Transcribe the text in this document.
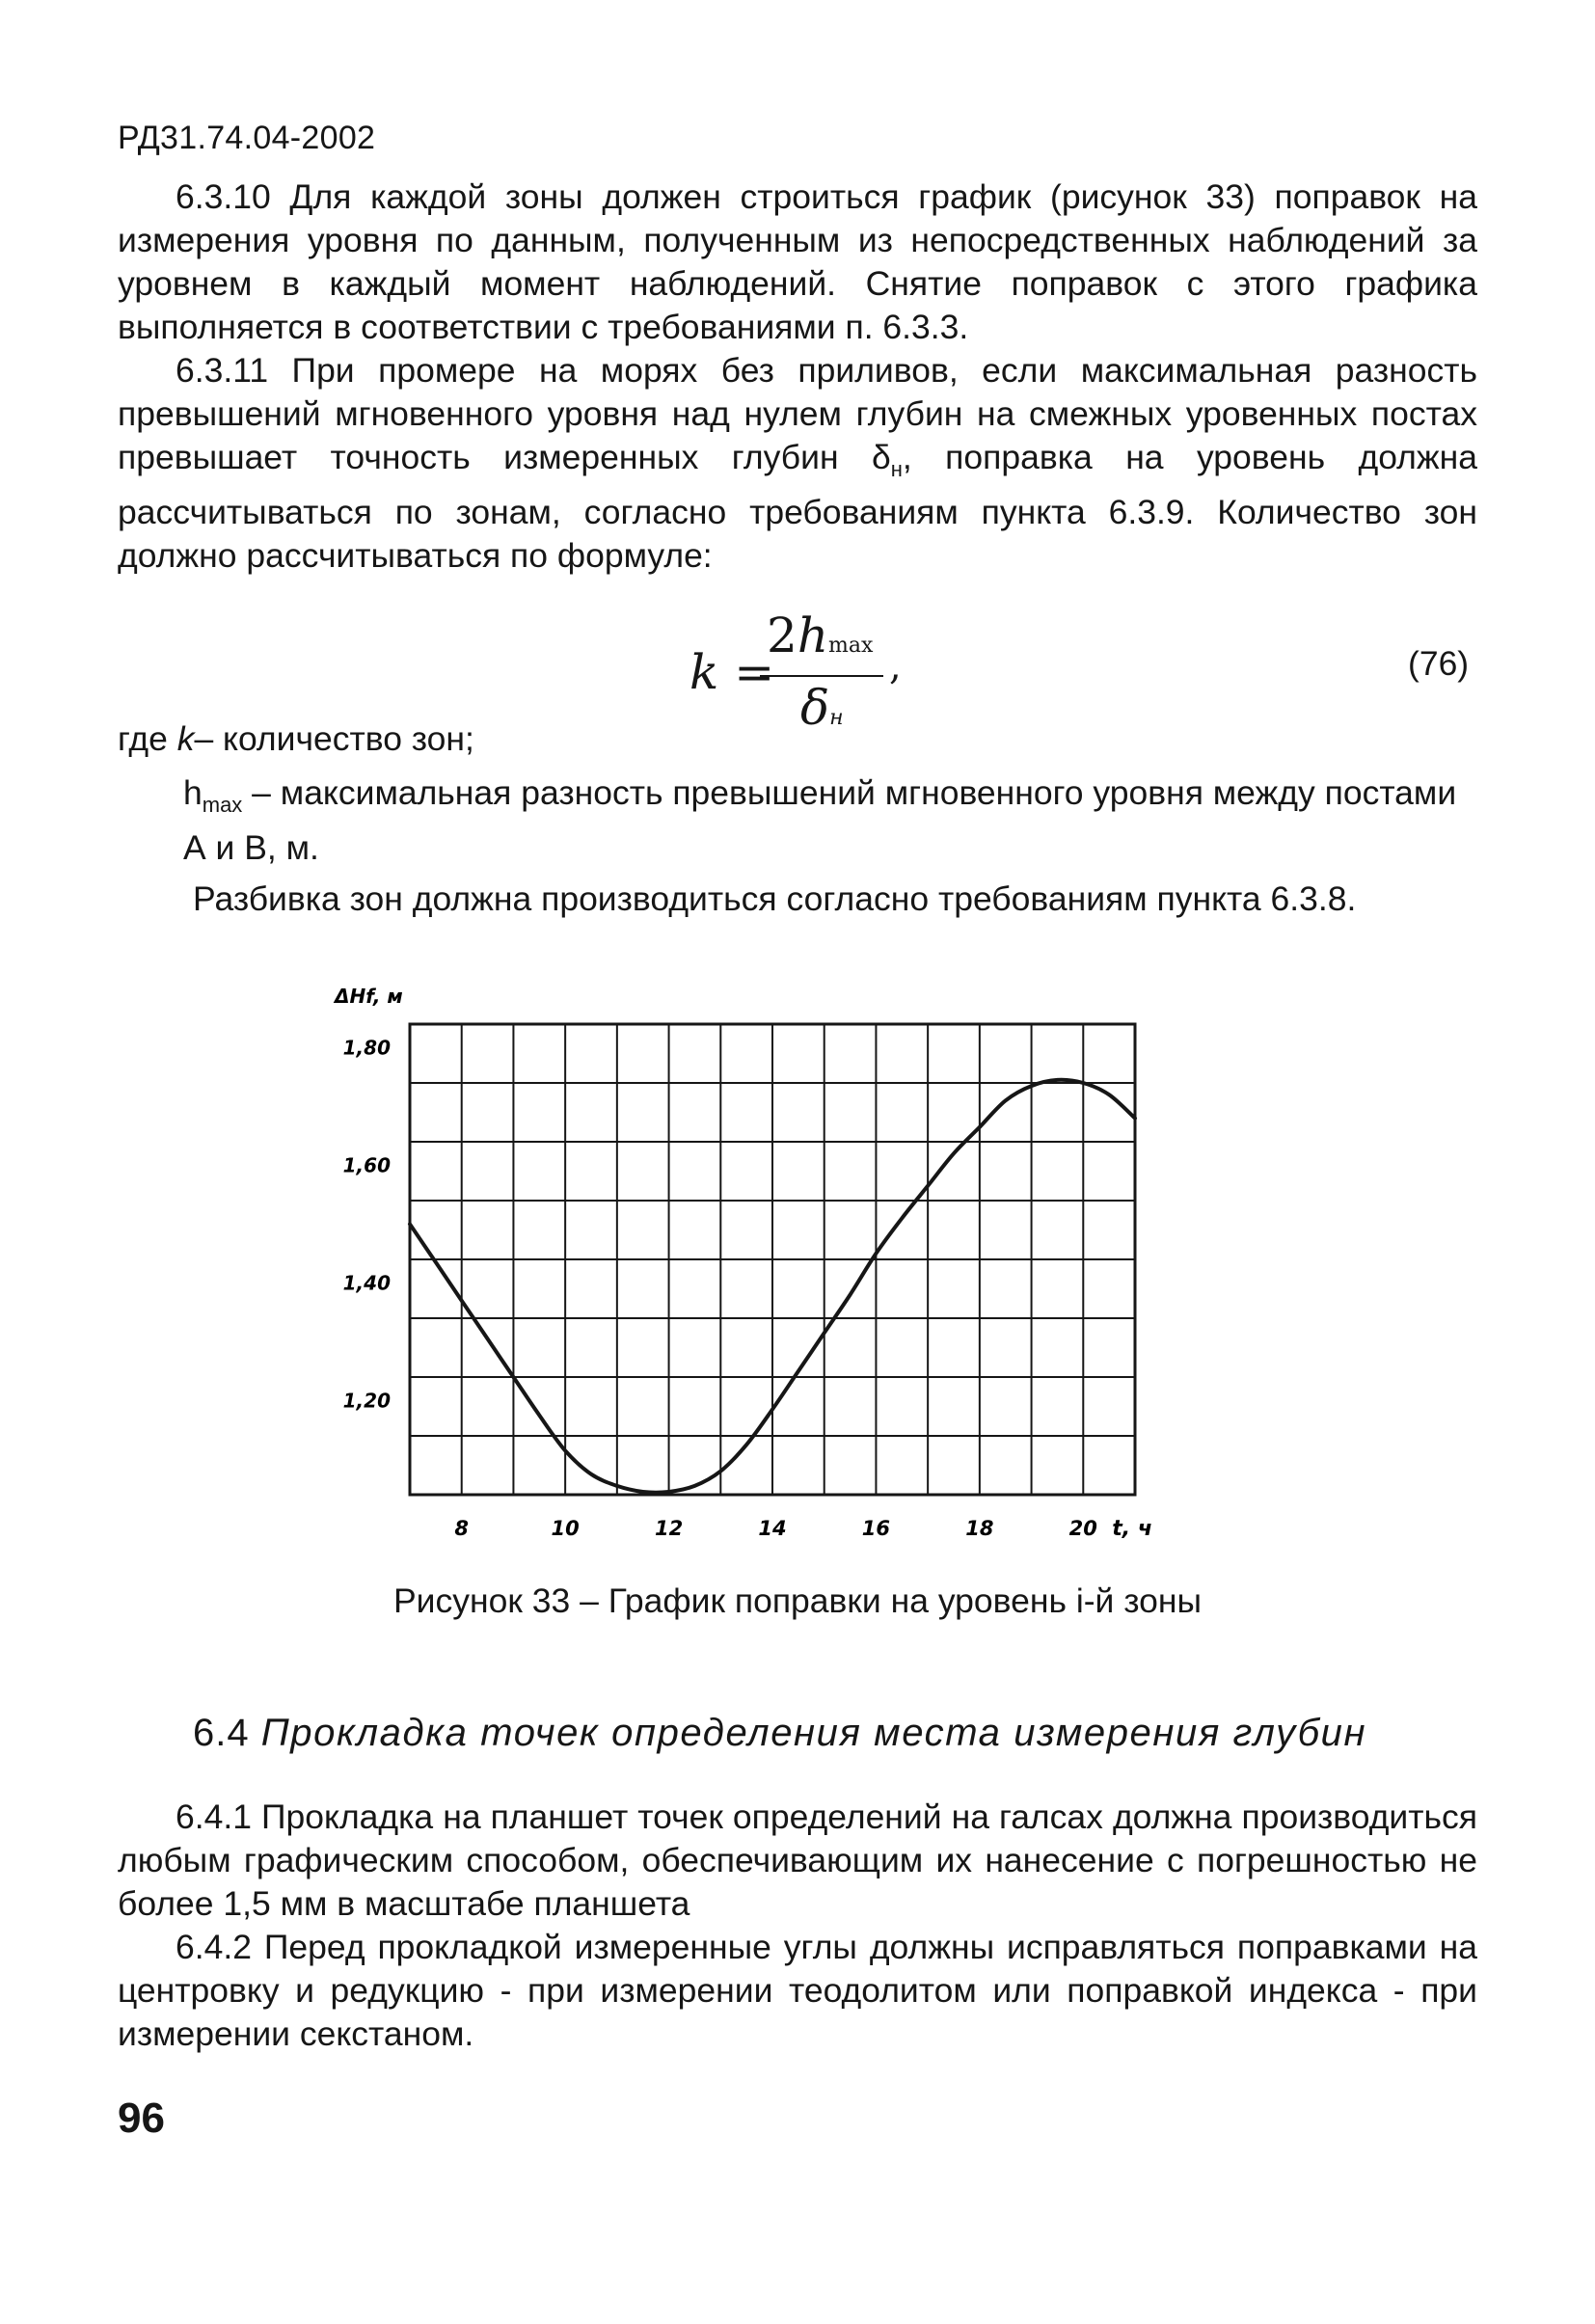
РД31.74.04-2002
6.3.10 Для каждой зоны должен строиться график (рисунок 33) поправок на измерения уровня по данным, полученным из непосредственных наблюдений за уровнем в каждый момент наблюдений. Снятие поправок с этого графика выполняется в соответствии с требованиями п. 6.3.3.
6.3.11 При промере на морях без приливов, если максимальная разность превышений мгновенного уровня над нулем глубин на смежных уровенных постах превышает точность измеренных глубин $\delta_н$, поправка на уровень должна рассчитываться по зонам, согласно требованиям пункта 6.3.9. Количество зон должно рассчитываться по формуле:
k =
2hmax
δн
,	(76)
где k– количество зон;
$h_{max}$ – максимальная разность превышений мгновенного уровня между постами А и В, м.
Разбивка зон должна производиться согласно требованиям пункта 6.3.8.
ΔHf, м
1,80
1,60
1,40
1,20
8	10	12	14	16	18	20 t, ч
Рисунок 33 – График поправки на уровень i-й зоны
6.4 Прокладка точек определения места измерения глубин
6.4.1 Прокладка на планшет точек определений на галсах должна производиться любым графическим способом, обеспечивающим их нанесение с погрешностью не более 1,5 мм в масштабе планшета
6.4.2 Перед прокладкой измеренные углы должны исправляться поправками на центровку и редукцию - при измерении теодолитом или поправкой индекса - при измерении секстаном.
96
